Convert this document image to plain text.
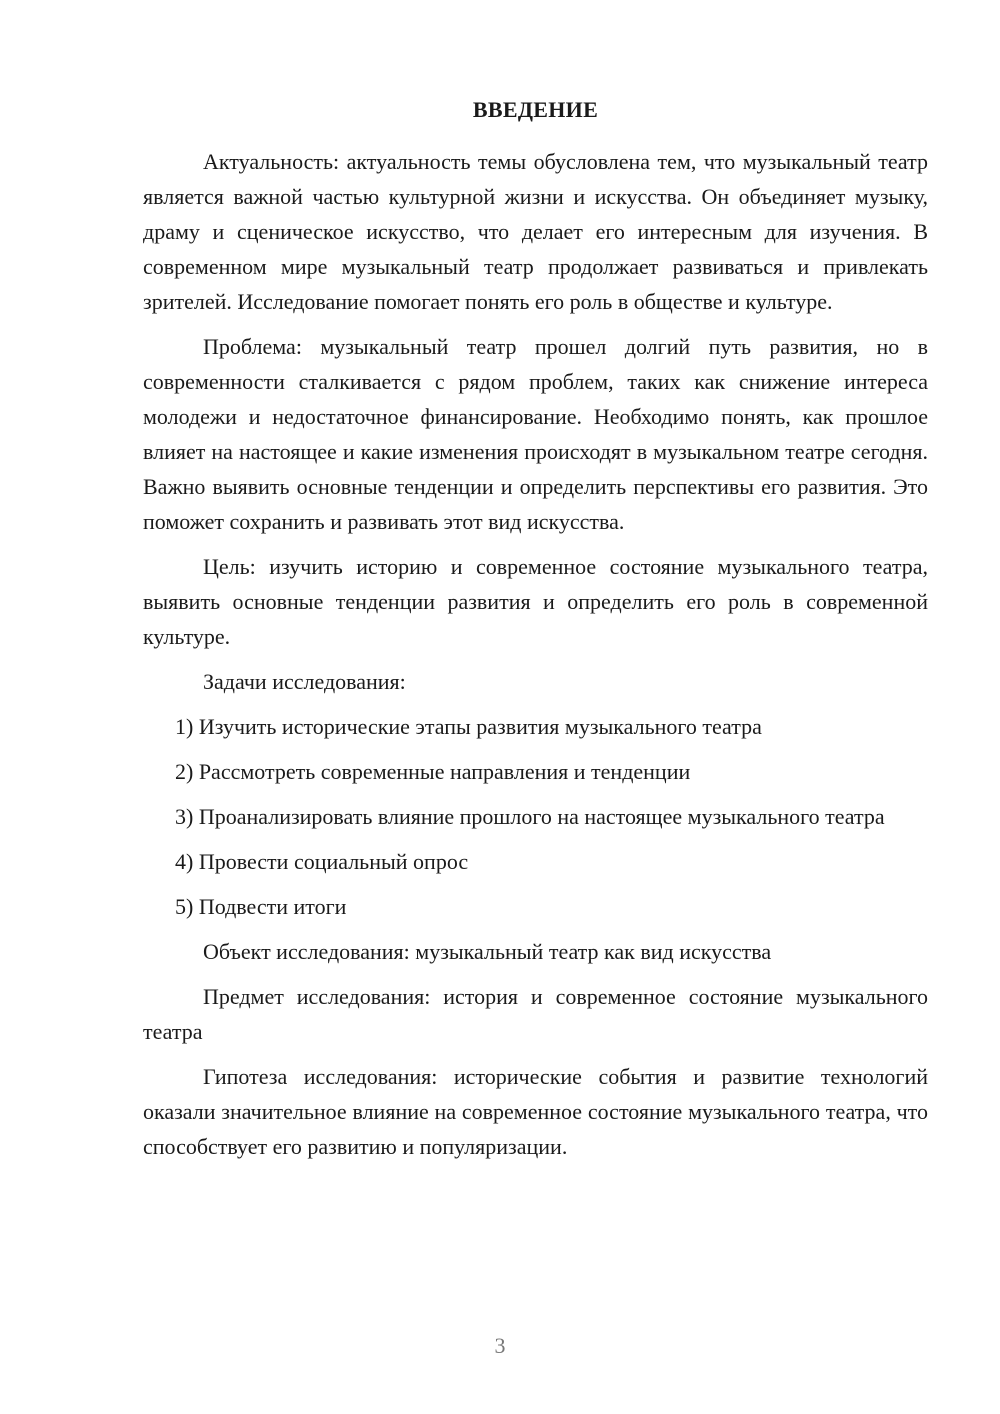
ВВЕДЕНИЕ

Актуальность: актуальность темы обусловлена тем, что музыкальный театр является важной частью культурной жизни и искусства. Он объединяет музыку, драму и сценическое искусство, что делает его интересным для изучения. В современном мире музыкальный театр продолжает развиваться и привлекать зрителей. Исследование помогает понять его роль в обществе и культуре.

Проблема: музыкальный театр прошел долгий путь развития, но в современности сталкивается с рядом проблем, таких как снижение интереса молодежи и недостаточное финансирование. Необходимо понять, как прошлое влияет на настоящее и какие изменения происходят в музыкальном театре сегодня. Важно выявить основные тенденции и определить перспективы его развития. Это поможет сохранить и развивать этот вид искусства.

Цель: изучить историю и современное состояние музыкального театра, выявить основные тенденции развития и определить его роль в современной культуре.

Задачи исследования:

1) Изучить исторические этапы развития музыкального театра

2) Рассмотреть современные направления и тенденции

3) Проанализировать влияние прошлого на настоящее музыкального театра

4) Провести социальный опрос

5) Подвести итоги

Объект исследования: музыкальный театр как вид искусства

Предмет исследования: история и современное состояние музыкального театра

Гипотеза исследования: исторические события и развитие технологий оказали значительное влияние на современное состояние музыкального театра, что способствует его развитию и популяризации.

3
